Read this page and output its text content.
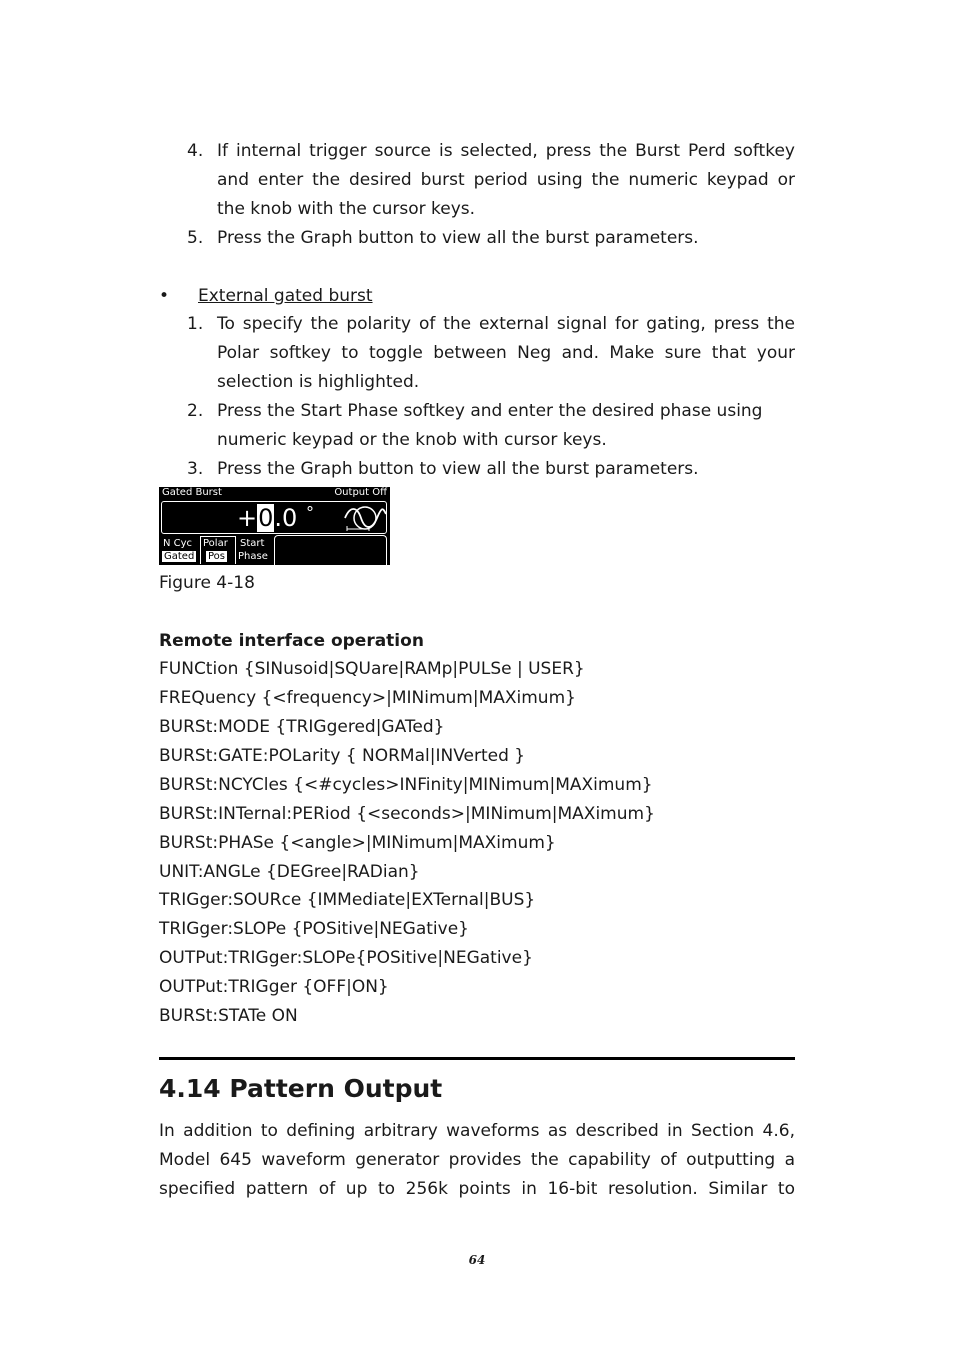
4. If internal trigger source is selected, press the Burst Perd softkey
and enter the desired burst period using the numeric keypad or
the knob with the cursor keys.
5. Press the Graph button to view all the burst parameters.
• External gated burst
1. To specify the polarity of the external signal for gating, press the
Polar softkey to toggle between Neg and. Make sure that your
selection is highlighted.
2. Press the Start Phase softkey and enter the desired phase using
numeric keypad or the knob with cursor keys.
3. Press the Graph button to view all the burst parameters.
Gated Burst	Output Off
+0.0 °
N Cyc
Gated
Polar
Pos
Start
Phase
Figure 4-18
Remote interface operation
FUNCtion {SINusoid|SQUare|RAMp|PULSe | USER}
FREQuency {<frequency>|MINimum|MAXimum}
BURSt:MODE {TRIGgered|GATed}
BURSt:GATE:POLarity { NORMal|INVerted }
BURSt:NCYCles {<#cycles>INFinity|MINimum|MAXimum}
BURSt:INTernal:PERiod {<seconds>|MINimum|MAXimum}
BURSt:PHASe {<angle>|MINimum|MAXimum}
UNIT:ANGLe {DEGree|RADian}
TRIGger:SOURce {IMMediate|EXTernal|BUS}
TRIGger:SLOPe {POSitive|NEGative}
OUTPut:TRIGger:SLOPe{POSitive|NEGative}
OUTPut:TRIGger {OFF|ON}
BURSt:STATe ON
4.14 Pattern Output
In addition to defining arbitrary waveforms as described in Section 4.6,
Model 645 waveform generator provides the capability of outputting a
specified pattern of up to 256k points in 16-bit resolution. Similar to
64
